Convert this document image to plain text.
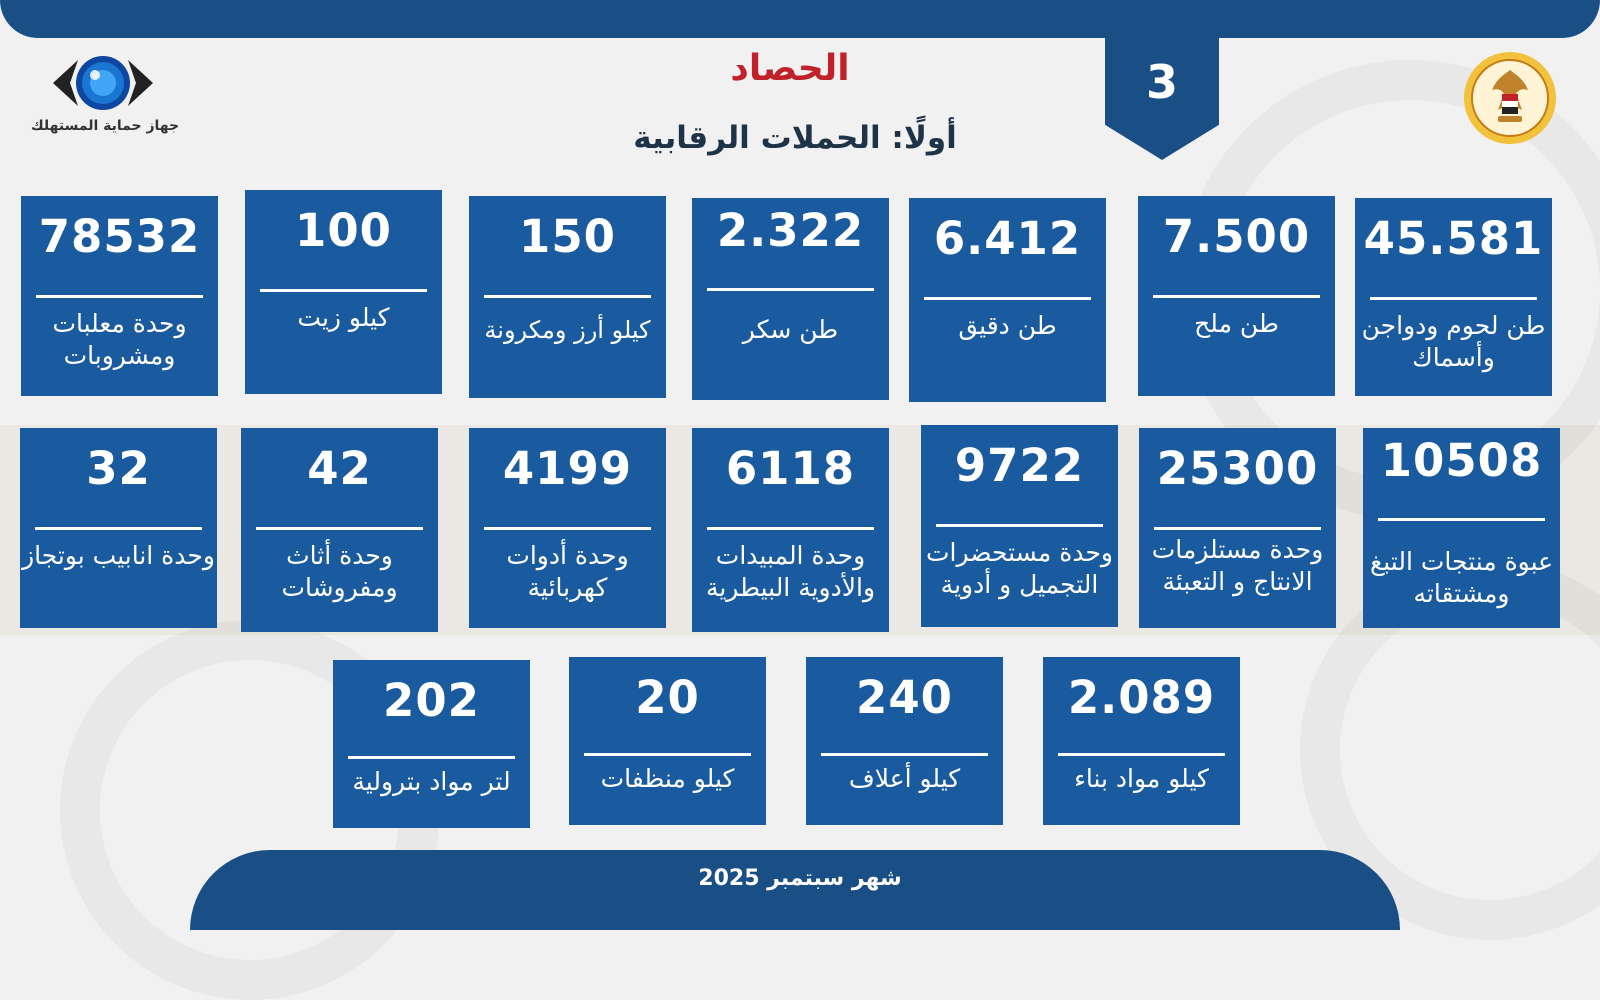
3
الحصاد
أولًا: الحملات الرقابية
جهاز حماية المستهلك
45.581
طن لحوم ودواجن وأسماك
7.500
طن ملح
6.412
طن دقيق
2.322
طن سكر
150
كيلو أرز ومكرونة
100
كيلو زيت
78532
وحدة معلبات ومشروبات
10508
عبوة منتجات التبغ ومشتقاته
25300
وحدة مستلزمات الانتاج و التعبئة
9722
وحدة مستحضرات التجميل و أدوية
6118
وحدة المبيدات والأدوية البيطرية
4199
وحدة أدوات كهربائية
42
وحدة أثاث ومفروشات
32
وحدة انابيب بوتجاز
2.089
كيلو مواد بناء
240
كيلو أعلاف
20
كيلو منظفات
202
لتر مواد بترولية
شهر سبتمبر 2025
